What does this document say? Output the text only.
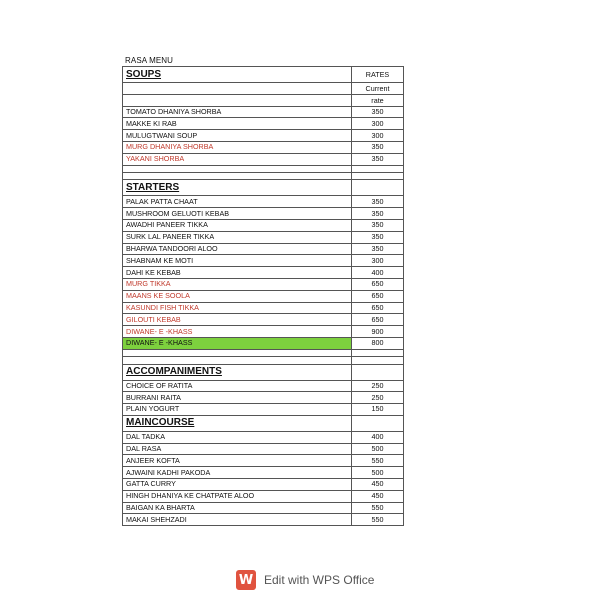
RASA MENU
SOUPS	RATES
	Current
	rate
TOMATO DHANIYA SHORBA	350
MAKKE KI RAB	300
MULUGTWANI SOUP	300
MURG DHANIYA SHORBA	350
YAKANI SHORBA	350

STARTERS	
PALAK PATTA CHAAT	350
MUSHROOM GELUOTI KEBAB	350
AWADHI PANEER TIKKA	350
SURK LAL PANEER TIKKA	350
BHARWA TANDOORI ALOO	350
SHABNAM KE MOTI	300
DAHI KE KEBAB	400
MURG TIKKA	650
MAANS KE SOOLA	650
KASUNDI FISH TIKKA	650
GILOUTI KEBAB	650
DIWANE- E -KHASS	900
DIWANE- E -KHASS	800

ACCOMPANIMENTS	
CHOICE OF RATITA	250
BURRANI RAITA	250
PLAIN YOGURT	150
MAINCOURSE	
DAL TADKA	400
DAL RASA	500
ANJEER KOFTA	550
AJWAINI KADHI PAKODA	500
GATTA CURRY	450
HINGH DHANIYA KE CHATPATE ALOO	450
BAIGAN KA BHARTA	550
MAKAI SHEHZADI	550
W Edit with WPS Office
